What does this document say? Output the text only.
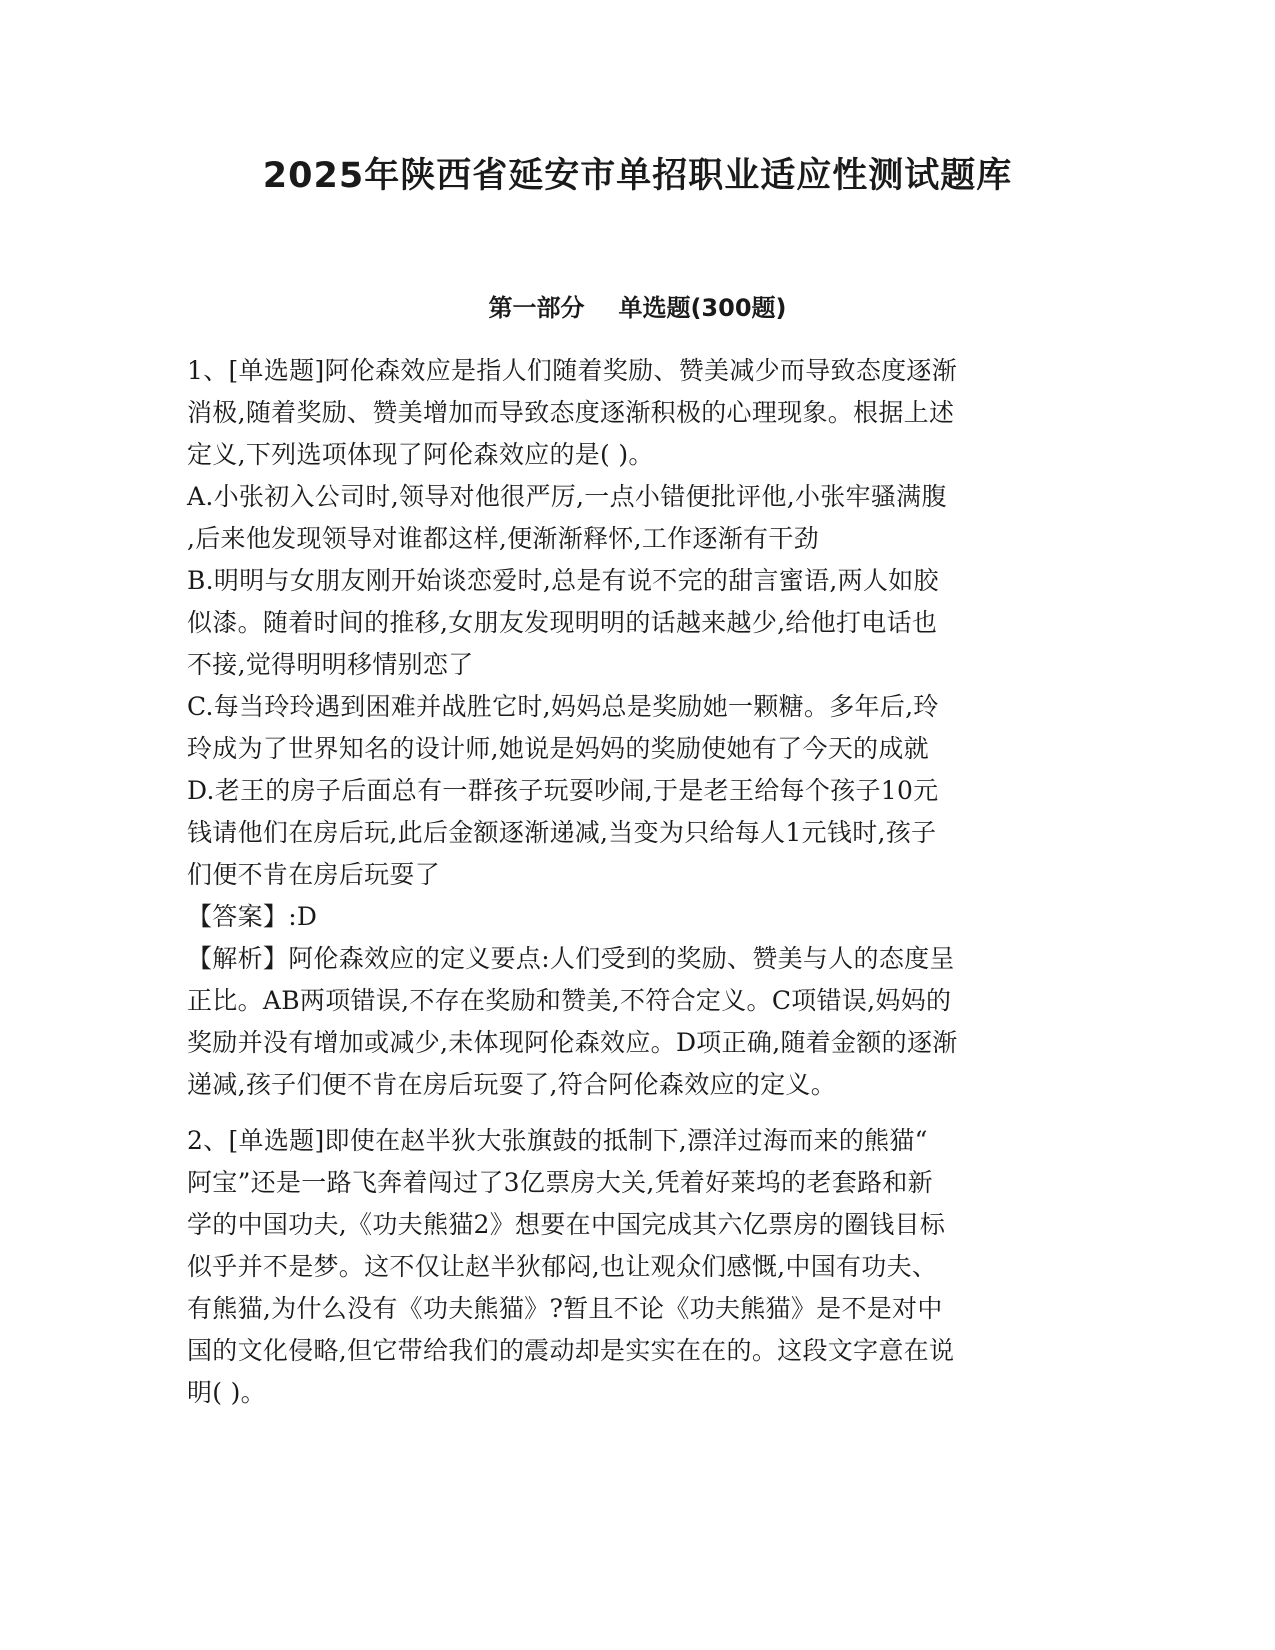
2025年陕西省延安市单招职业适应性测试题库
第一部分 单选题(300题)

1、[单选题]阿伦森效应是指人们随着奖励、赞美减少而导致态度逐渐

消极,随着奖励、赞美增加而导致态度逐渐积极的心理现象。根据上述

定义,下列选项体现了阿伦森效应的是( )。

A.小张初入公司时,领导对他很严厉,一点小错便批评他,小张牢骚满腹

,后来他发现领导对谁都这样,便渐渐释怀,工作逐渐有干劲

B.明明与女朋友刚开始谈恋爱时,总是有说不完的甜言蜜语,两人如胶

似漆。随着时间的推移,女朋友发现明明的话越来越少,给他打电话也

不接,觉得明明移情别恋了

C.每当玲玲遇到困难并战胜它时,妈妈总是奖励她一颗糖。多年后,玲

玲成为了世界知名的设计师,她说是妈妈的奖励使她有了今天的成就

D.老王的房子后面总有一群孩子玩耍吵闹,于是老王给每个孩子10元

钱请他们在房后玩,此后金额逐渐递减,当变为只给每人1元钱时,孩子

们便不肯在房后玩耍了

【答案】:D

【解析】阿伦森效应的定义要点:人们受到的奖励、赞美与人的态度呈

正比。AB两项错误,不存在奖励和赞美,不符合定义。C项错误,妈妈的

奖励并没有增加或减少,未体现阿伦森效应。D项正确,随着金额的逐渐

递减,孩子们便不肯在房后玩耍了,符合阿伦森效应的定义。

2、[单选题]即使在赵半狄大张旗鼓的抵制下,漂洋过海而来的熊猫“

阿宝”还是一路飞奔着闯过了3亿票房大关,凭着好莱坞的老套路和新

学的中国功夫,《功夫熊猫2》想要在中国完成其六亿票房的圈钱目标

似乎并不是梦。这不仅让赵半狄郁闷,也让观众们感慨,中国有功夫、

有熊猫,为什么没有《功夫熊猫》?暂且不论《功夫熊猫》是不是对中

国的文化侵略,但它带给我们的震动却是实实在在的。这段文字意在说

明( )。
